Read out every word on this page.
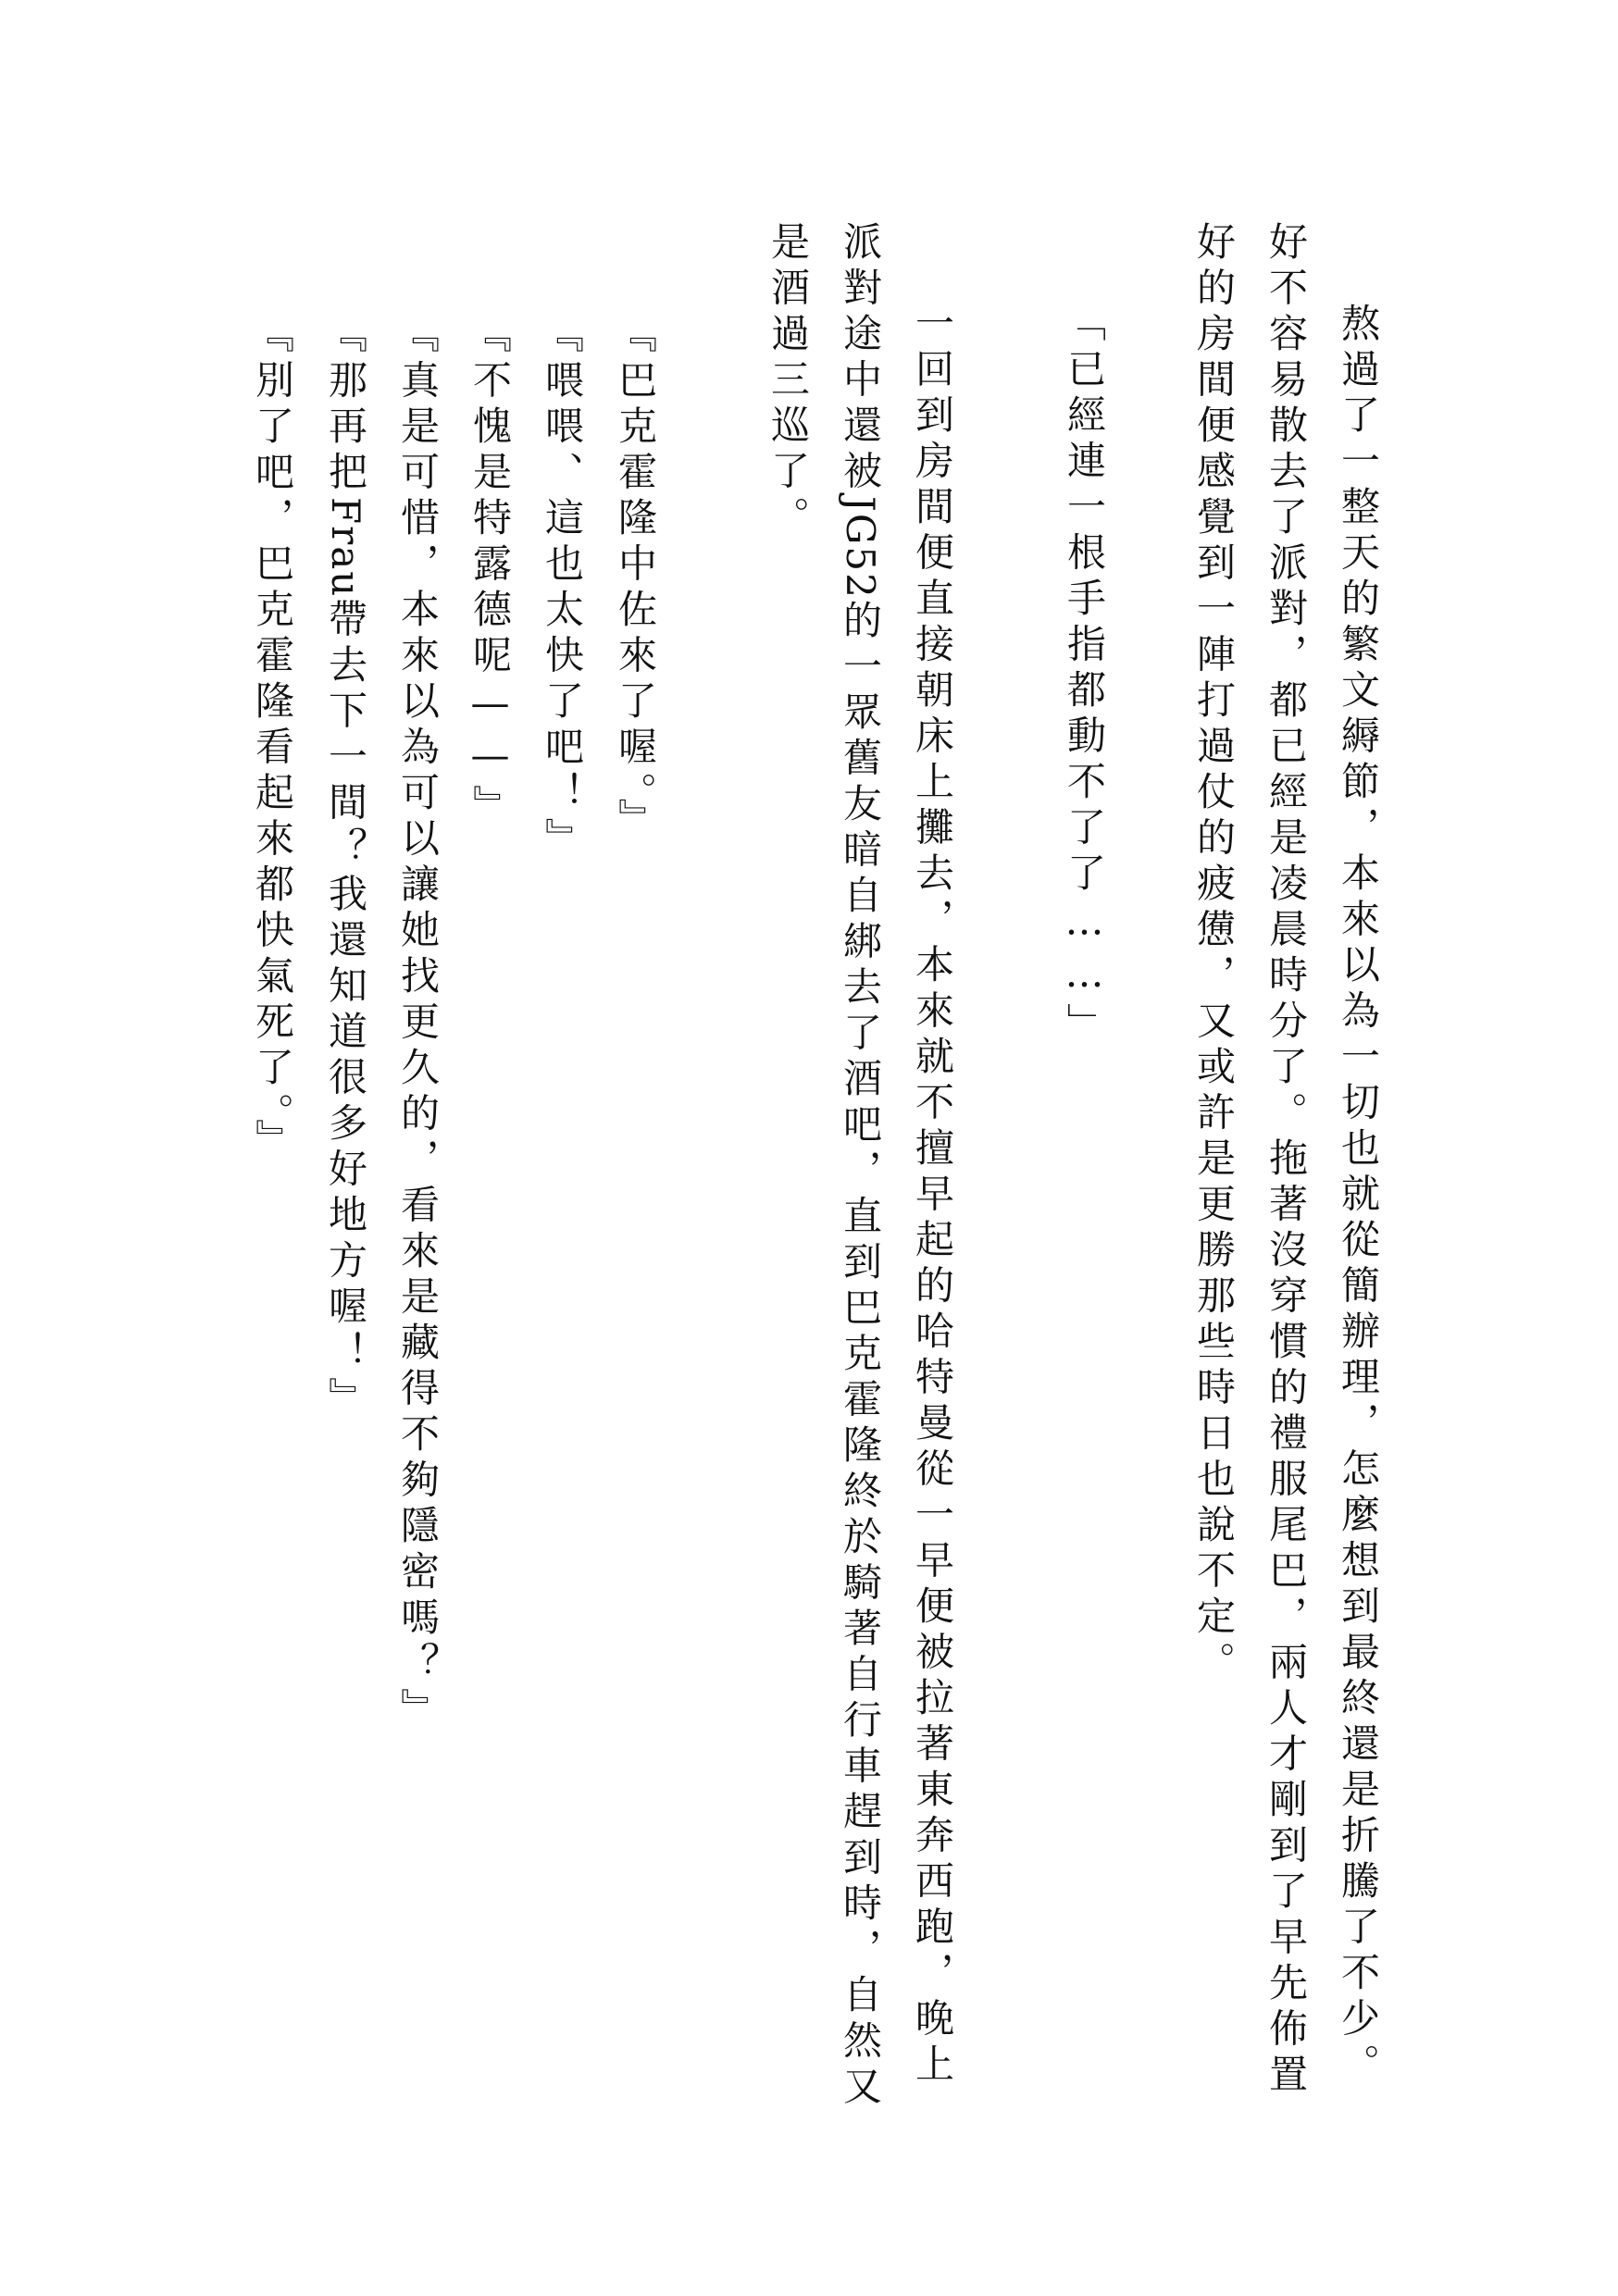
熬過了一整天的繁文縟節，本來以為一切也就從簡辦理，怎麼想到最終還是折騰了不少。
好不容易散去了派對，都已經是凌晨時分了。拖著沒穿慣的禮服尾巴，兩人才剛到了早先佈置
好的房間便感覺到一陣打過仗的疲憊，又或許是更勝那些時日也說不定。
「已經連一根手指都動不了了……」
一回到房間便直接朝床上攤去，本來就不擅早起的哈特曼從一早便被拉著東奔西跑，晚上
派對途中還被JG52的一眾舊友暗自綁去了酒吧，直到巴克霍隆終於騎著自行車趕到時，自然又
是酒過三巡了。
『巴克霍隆中佐來了喔。』
『喂喂、這也太快了吧！』
『不愧是特露德呢——』
『真是可惜，本來以為可以讓她找更久的，看來是藏得不夠隱密嗎？』
『那再把Frau帶去下一間？我還知道很多好地方喔！』
『別了吧，巴克霍隆看起來都快氣死了。』
